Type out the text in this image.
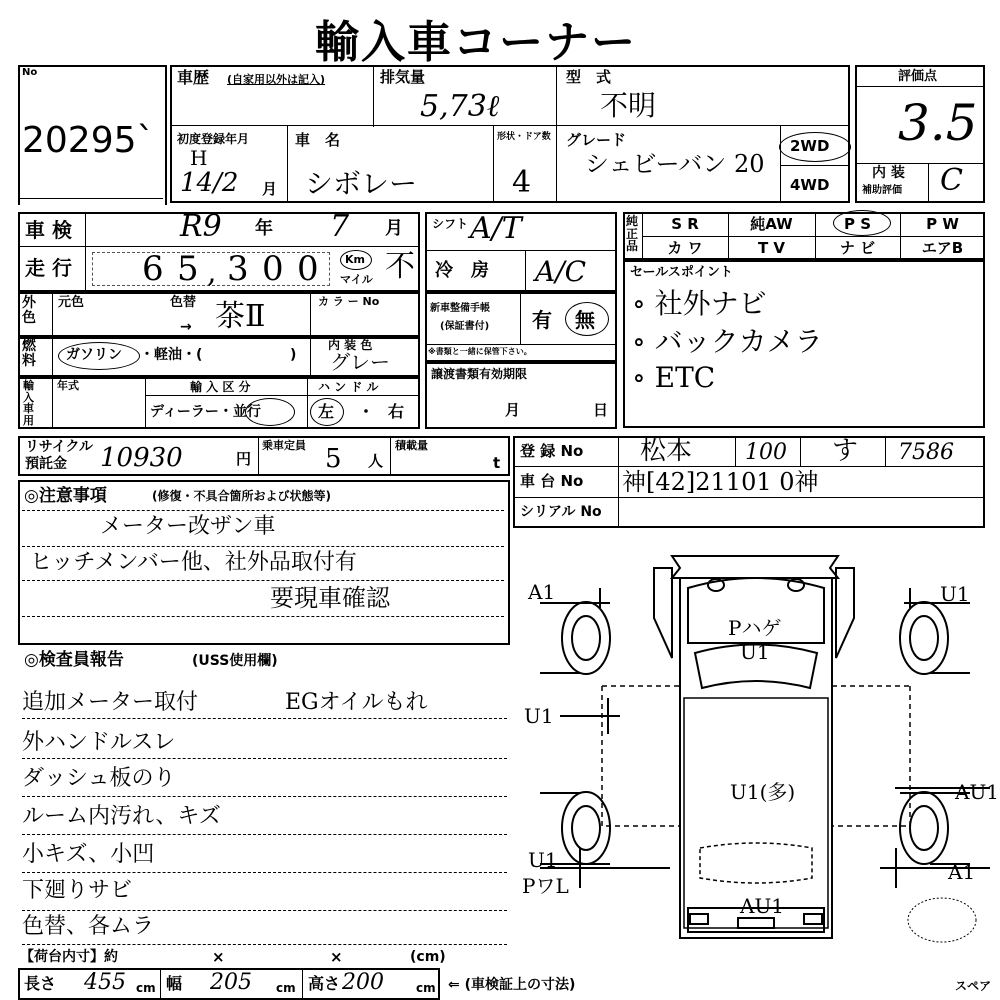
輸入車コーナー
No
20295`
車歴 (自家用以外は記入)	排気量
5,73ℓ
型　式
不明
初度登録年月
H
14/2 月
車　名
シボレー
形状・ドア数
4
グレード
シェビーバン 20
2WD
4WD
評価点
3.5
内 装
補助評価 C
車 検	R9 年 7 月
走 行 6 5 , 3 0 0 Km
マイル 不
シフト A/T
冷　房 A/C
純正品
S R	純AW	P S	P W
カ ワ	T V	ナ ビ	エアB
セールスポイント
∘ 社外ナビ
∘ バックカメラ
∘ ETC
外色
元色	色替
→ 茶Ⅱ	カ ラ ー No
新車整備手帳
(保証書付) 有 無
※書類と一緒に保管下さい。
燃料 ガソリン ・軽油・(	)
内 装 色
グレー
輸入車用
年式	輸 入 区 分	ハ ン ド ル
ディーラー・並行	左 ・ 右
譲渡書類有効期限
月	日
リサイクル
預託金 10930	円
乗車定員 5 人
積載量
t
登 録 No 松本 100 す 7586
車 台 No 神[42]21101 0神
シリアル No
◎注意事項	(修復・不具合箇所および状態等)
メーター改ザン車
ヒッチメンバー他、社外品取付有
要現車確認
◎検査員報告	(USS使用欄)
追加メーター取付	EGオイルもれ
外ハンドルスレ
ダッシュ板のり
ルーム内汚れ、キズ
小キズ、小凹
下廻りサビ
色替、各ムラ
A1	U1
Pハゲ
U1
U1
U1(多)	AU1
U1
PワL
A1
AU1
【荷台内寸】約	×	×	(cm)
長さ 455 cm 幅 205 cm 高さ 200	cm ⇐ (車検証上の寸法)	スペア
